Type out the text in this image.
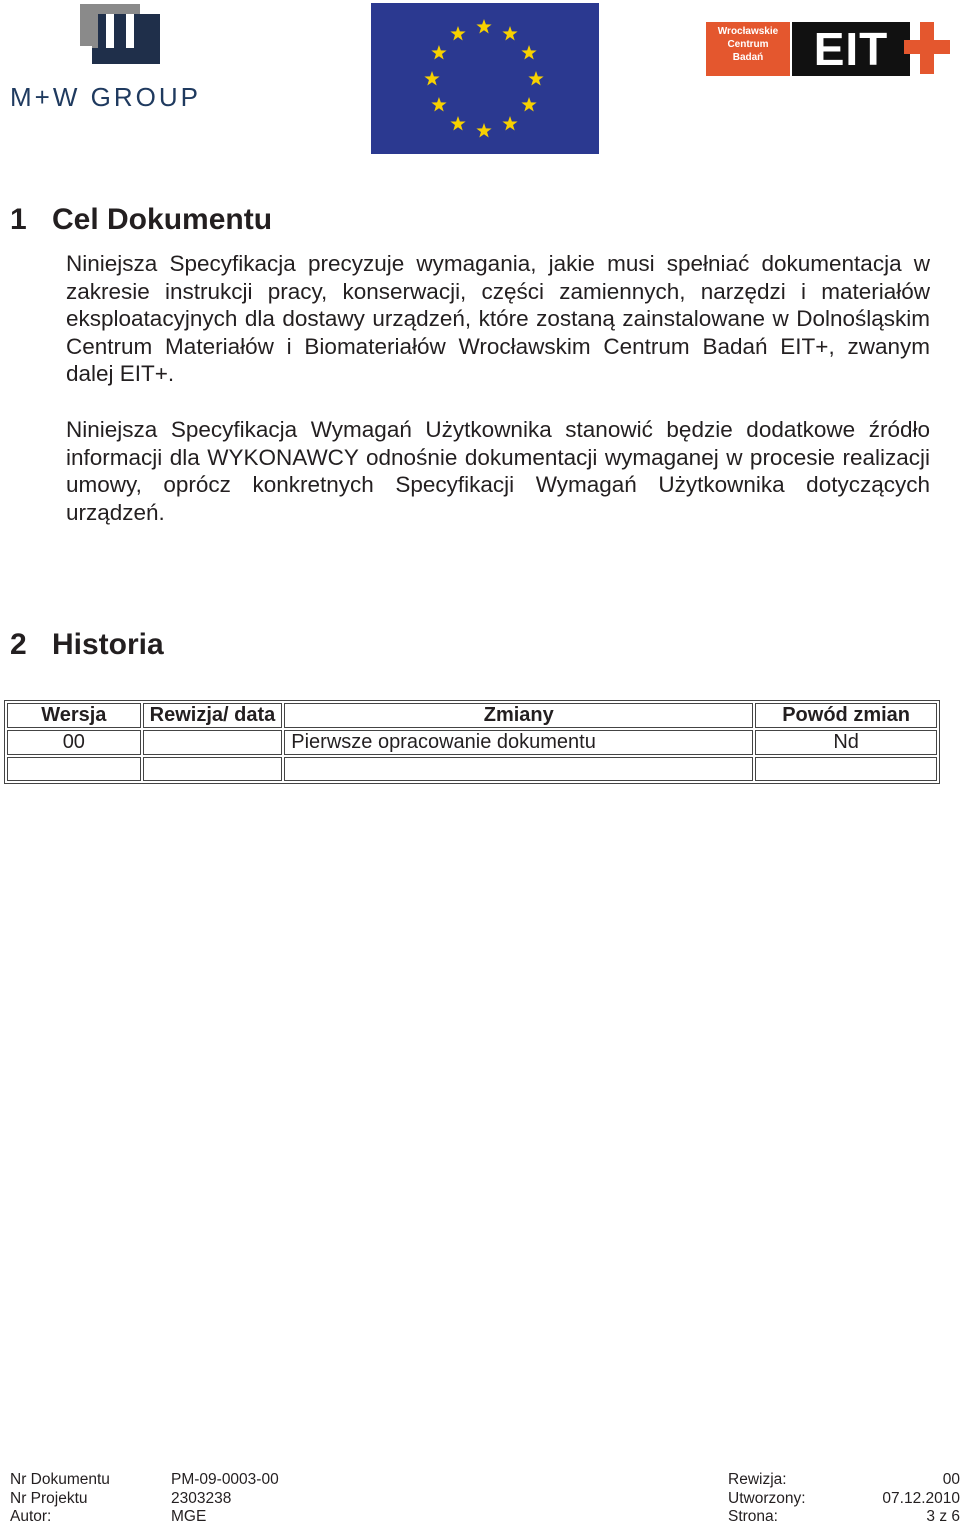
M+W GROUP
Wrocławskie
Centrum
Badań	EIT
1 Cel Dokumentu

Niniejsza Specyfikacja precyzuje wymagania, jakie musi spełniać dokumentacja w zakresie instrukcji pracy, konserwacji, części zamiennych, narzędzi i materiałów eksploatacyjnych dla dostawy urządzeń, które zostaną zainstalowane w Dolnośląskim Centrum Materiałów i Biomateriałów Wrocławskim Centrum Badań EIT+, zwanym dalej EIT+.

Niniejsza Specyfikacja Wymagań Użytkownika stanowić będzie dodatkowe źródło informacji dla WYKONAWCY odnośnie dokumentacji wymaganej w procesie realizacji umowy, oprócz konkretnych Specyfikacji Wymagań Użytkownika dotyczących urządzeń.

2 Historia
Wersja	Rewizja/ data	Zmiany	Powód zmian
00		Pierwsze opracowanie dokumentu	Nd

Nr Dokumentu	PM-09-0003-00	Rewizja:	00
Nr Projektu	2303238	Utworzony:	07.12.2010
Autor:	MGE	Strona:	3 z 6
